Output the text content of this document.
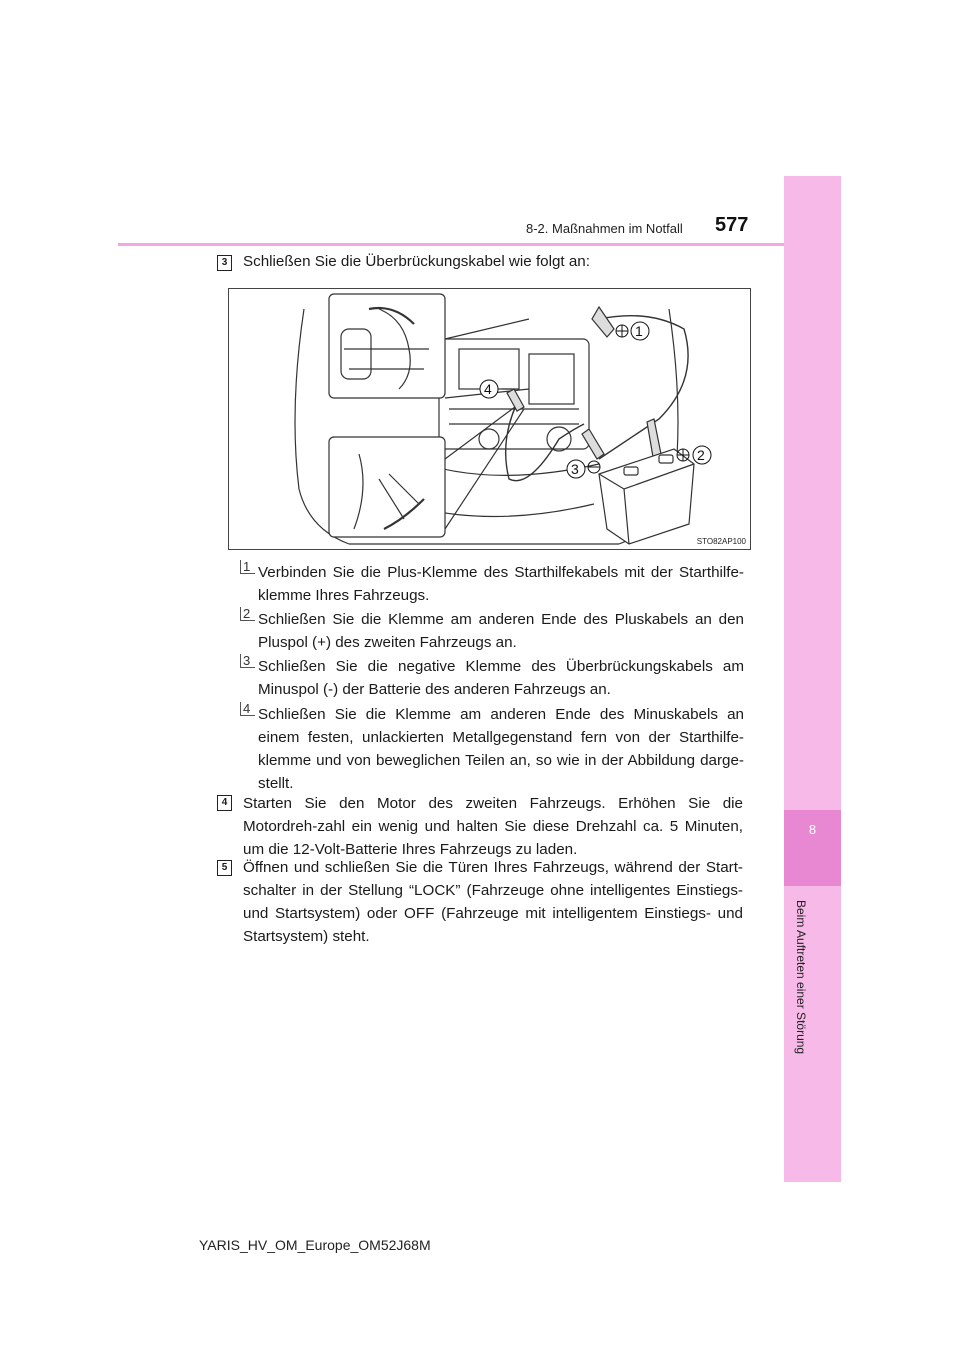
8
Beim Auftreten einer Störung
8-2. Maßnahmen im Notfall 577
3	Schließen Sie die Überbrückungskabel wie folgt an:
1
4
2
3
STO82AP100
1 Verbinden Sie die Plus-Klemme des Starthilfekabels mit der Starthilfe-klemme Ihres Fahrzeugs.
2 Schließen Sie die Klemme am anderen Ende des Pluskabels an den Pluspol (+) des zweiten Fahrzeugs an.
3 Schließen Sie die negative Klemme des Überbrückungskabels am Minuspol (-) der Batterie des anderen Fahrzeugs an.
4 Schließen Sie die Klemme am anderen Ende des Minuskabels an einem festen, unlackierten Metallgegenstand fern von der Starthilfe-klemme und von beweglichen Teilen an, so wie in der Abbildung darge-stellt.
4	Starten Sie den Motor des zweiten Fahrzeugs. Erhöhen Sie die Motordreh-zahl ein wenig und halten Sie diese Drehzahl ca. 5 Minuten, um die 12-Volt-Batterie Ihres Fahrzeugs zu laden.
5	Öffnen und schließen Sie die Türen Ihres Fahrzeugs, während der Start-schalter in der Stellung “LOCK” (Fahrzeuge ohne intelligentes Einstiegs- und Startsystem) oder OFF (Fahrzeuge mit intelligentem Einstiegs- und Startsystem) steht.
YARIS_HV_OM_Europe_OM52J68M
